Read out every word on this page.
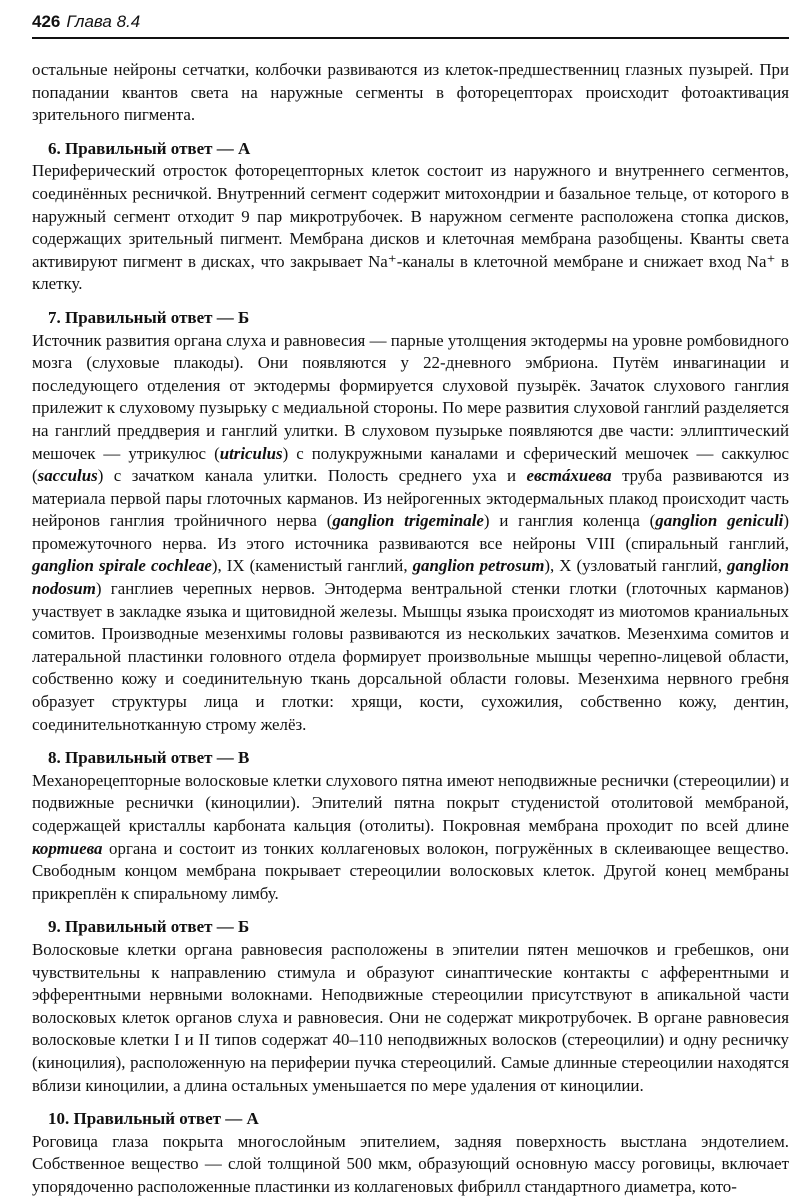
426 Глава 8.4

остальные нейроны сетчатки, колбочки развиваются из клеток-предшественниц глазных пузырей. При попадании квантов света на наружные сегменты в фоторецепторах происходит фотоактивация зрительного пигмента.

6. Правильный ответ — А

Периферический отросток фоторецепторных клеток состоит из наружного и внутреннего сегментов, соединённых ресничкой. Внутренний сегмент содержит митохондрии и базальное тельце, от которого в наружный сегмент отходит 9 пар микротрубочек. В наружном сегменте расположена стопка дисков, содержащих зрительный пигмент. Мембрана дисков и клеточная мембрана разобщены. Кванты света активируют пигмент в дисках, что закрывает Na⁺-каналы в клеточной мембране и снижает вход Na⁺ в клетку.

7. Правильный ответ — Б

Источник развития органа слуха и равновесия — парные утолщения эктодермы на уровне ромбовидного мозга (слуховые плакоды). Они появляются у 22-дневного эмбриона. Путём инвагинации и последующего отделения от эктодермы формируется слуховой пузырёк. Зачаток слухового ганглия прилежит к слуховому пузырьку с медиальной стороны. По мере развития слуховой ганглий разделяется на ганглий преддверия и ганглий улитки. В слуховом пузырьке появляются две части: эллиптический мешочек — утрикулюс (utriculus) с полукружными каналами и сферический мешочек — саккулюс (sacculus) с зачатком канала улитки. Полость среднего уха и евстáхиева труба развиваются из материала первой пары глоточных карманов. Из нейрогенных эктодермальных плакод происходит часть нейронов ганглия тройничного нерва (ganglion trigeminale) и ганглия коленца (ganglion geniculi) промежуточного нерва. Из этого источника развиваются все нейроны VIII (спиральный ганглий, ganglion spirale cochleae), IX (каменистый ганглий, ganglion petrosum), X (узловатый ганглий, ganglion nodosum) ганглиев черепных нервов. Энтодерма вентральной стенки глотки (глоточных карманов) участвует в закладке языка и щитовидной железы. Мышцы языка происходят из миотомов краниальных сомитов. Производные мезенхимы головы развиваются из нескольких зачатков. Мезенхима сомитов и латеральной пластинки головного отдела формирует произвольные мышцы черепно-лицевой области, собственно кожу и соединительную ткань дорсальной области головы. Мезенхима нервного гребня образует структуры лица и глотки: хрящи, кости, сухожилия, собственно кожу, дентин, соединительнотканную строму желёз.

8. Правильный ответ — В

Механорецепторные волосковые клетки слухового пятна имеют неподвижные реснички (стереоцилии) и подвижные реснички (киноцилии). Эпителий пятна покрыт студенистой отолитовой мембраной, содержащей кристаллы карбоната кальция (отолиты). Покровная мембрана проходит по всей длине кортиева органа и состоит из тонких коллагеновых волокон, погружённых в склеивающее вещество. Свободным концом мембрана покрывает стереоцилии волосковых клеток. Другой конец мембраны прикреплён к спиральному лимбу.

9. Правильный ответ — Б

Волосковые клетки органа равновесия расположены в эпителии пятен мешочков и гребешков, они чувствительны к направлению стимула и образуют синаптические контакты с афферентными и эфферентными нервными волокнами. Неподвижные стереоцилии присутствуют в апикальной части волосковых клеток органов слуха и равновесия. Они не содержат микротрубочек. В органе равновесия волосковые клетки I и II типов содержат 40–110 неподвижных волосков (стереоцилии) и одну ресничку (киноцилия), расположенную на периферии пучка стереоцилий. Самые длинные стереоцилии находятся вблизи киноцилии, а длина остальных уменьшается по мере удаления от киноцилии.

10. Правильный ответ — А

Роговица глаза покрыта многослойным эпителием, задняя поверхность выстлана эндотелием. Собственное вещество — слой толщиной 500 мкм, образующий основную массу роговицы, включает упорядоченно расположенные пластинки из коллагеновых фибрилл стандартного диаметра, кото-
